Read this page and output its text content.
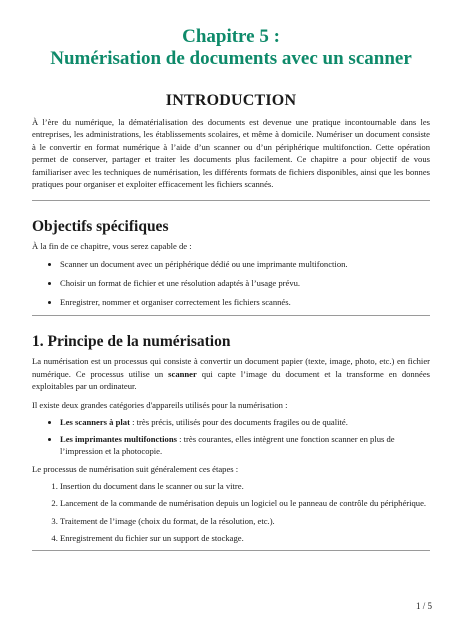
Chapitre 5 :
Numérisation de documents avec un scanner
INTRODUCTION

À l’ère du numérique, la dématérialisation des documents est devenue une pratique incontournable dans les entreprises, les administrations, les établissements scolaires, et même à domicile. Numériser un document consiste à le convertir en format numérique à l’aide d’un scanner ou d’un périphérique multifonction. Cette opération permet de conserver, partager et traiter les documents plus facilement. Ce chapitre a pour objectif de vous familiariser avec les techniques de numérisation, les différents formats de fichiers disponibles, ainsi que les bonnes pratiques pour organiser et exploiter efficacement les fichiers scannés.

Objectifs spécifiques

À la fin de ce chapitre, vous serez capable de :

• Scanner un document avec un périphérique dédié ou une imprimante multifonction.
• Choisir un format de fichier et une résolution adaptés à l’usage prévu.
• Enregistrer, nommer et organiser correctement les fichiers scannés.
1. Principe de la numérisation

La numérisation est un processus qui consiste à convertir un document papier (texte, image, photo, etc.) en fichier numérique. Ce processus utilise un scanner qui capte l’image du document et la transforme en données exploitables par un ordinateur.

Il existe deux grandes catégories d'appareils utilisés pour la numérisation :

• Les scanners à plat : très précis, utilisés pour des documents fragiles ou de qualité.
• Les imprimantes multifonctions : très courantes, elles intègrent une fonction scanner en plus de l’impression et la photocopie.

Le processus de numérisation suit généralement ces étapes :

1. Insertion du document dans le scanner ou sur la vitre.
2. Lancement de la commande de numérisation depuis un logiciel ou le panneau de contrôle du périphérique.
3. Traitement de l’image (choix du format, de la résolution, etc.).
4. Enregistrement du fichier sur un support de stockage.
1 / 5
